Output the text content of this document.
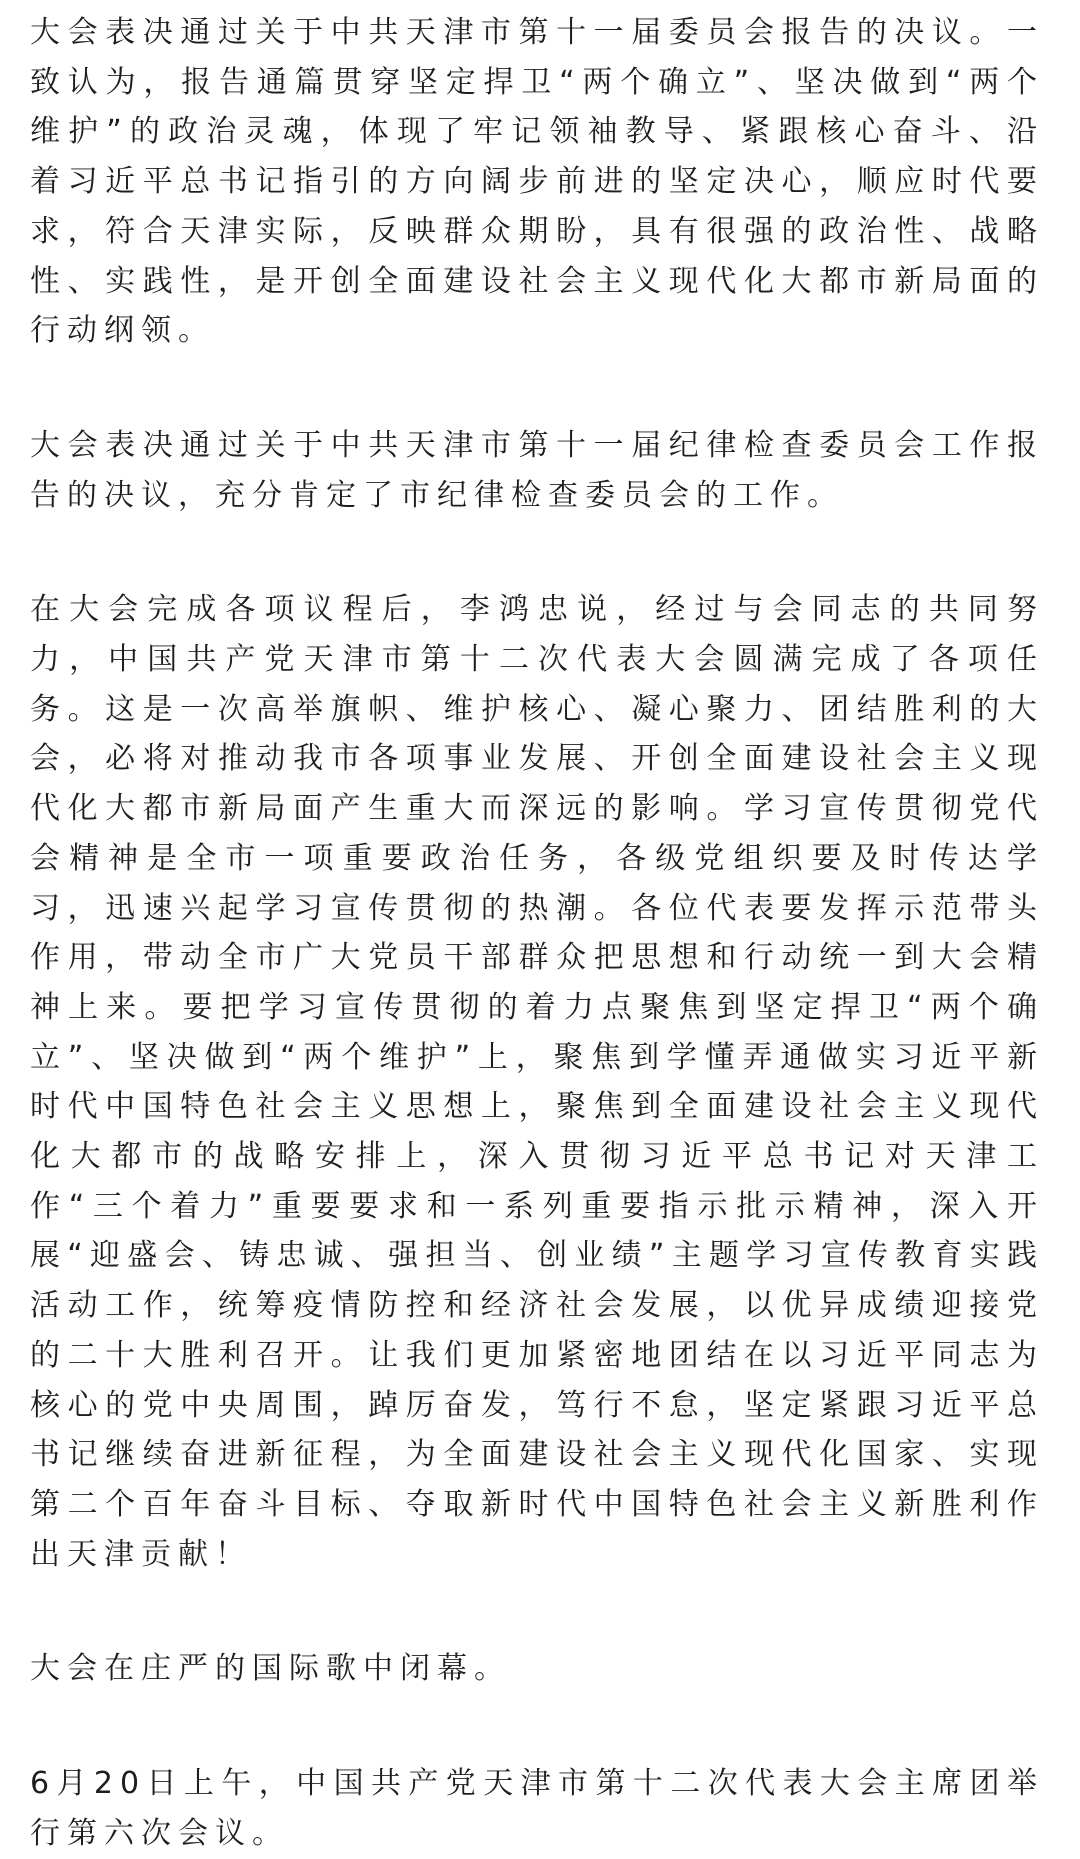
大会表决通过关于中共天津市第十一届委员会报告的决议。一致认为，报告通篇贯穿坚定捍卫“两个确立”、坚决做到“两个维护”的政治灵魂，体现了牢记领袖教导、紧跟核心奋斗、沿着习近平总书记指引的方向阔步前进的坚定决心，顺应时代要求，符合天津实际，反映群众期盼，具有很强的政治性、战略性、实践性，是开创全面建设社会主义现代化大都市新局面的行动纲领。

大会表决通过关于中共天津市第十一届纪律检查委员会工作报告的决议，充分肯定了市纪律检查委员会的工作。

在大会完成各项议程后，李鸿忠说，经过与会同志的共同努力，中国共产党天津市第十二次代表大会圆满完成了各项任务。这是一次高举旗帜、维护核心、凝心聚力、团结胜利的大会，必将对推动我市各项事业发展、开创全面建设社会主义现代化大都市新局面产生重大而深远的影响。学习宣传贯彻党代会精神是全市一项重要政治任务，各级党组织要及时传达学习，迅速兴起学习宣传贯彻的热潮。各位代表要发挥示范带头作用，带动全市广大党员干部群众把思想和行动统一到大会精神上来。要把学习宣传贯彻的着力点聚焦到坚定捍卫“两个确立”、坚决做到“两个维护”上，聚焦到学懂弄通做实习近平新时代中国特色社会主义思想上，聚焦到全面建设社会主义现代化大都市的战略安排上，深入贯彻习近平总书记对天津工作“三个着力”重要要求和一系列重要指示批示精神，深入开展“迎盛会、铸忠诚、强担当、创业绩”主题学习宣传教育实践活动工作，统筹疫情防控和经济社会发展，以优异成绩迎接党的二十大胜利召开。让我们更加紧密地团结在以习近平同志为核心的党中央周围，踔厉奋发，笃行不怠，坚定紧跟习近平总书记继续奋进新征程，为全面建设社会主义现代化国家、实现第二个百年奋斗目标、夺取新时代中国特色社会主义新胜利作出天津贡献！

大会在庄严的国际歌中闭幕。

6月20日上午，中国共产党天津市第十二次代表大会主席团举行第六次会议。
